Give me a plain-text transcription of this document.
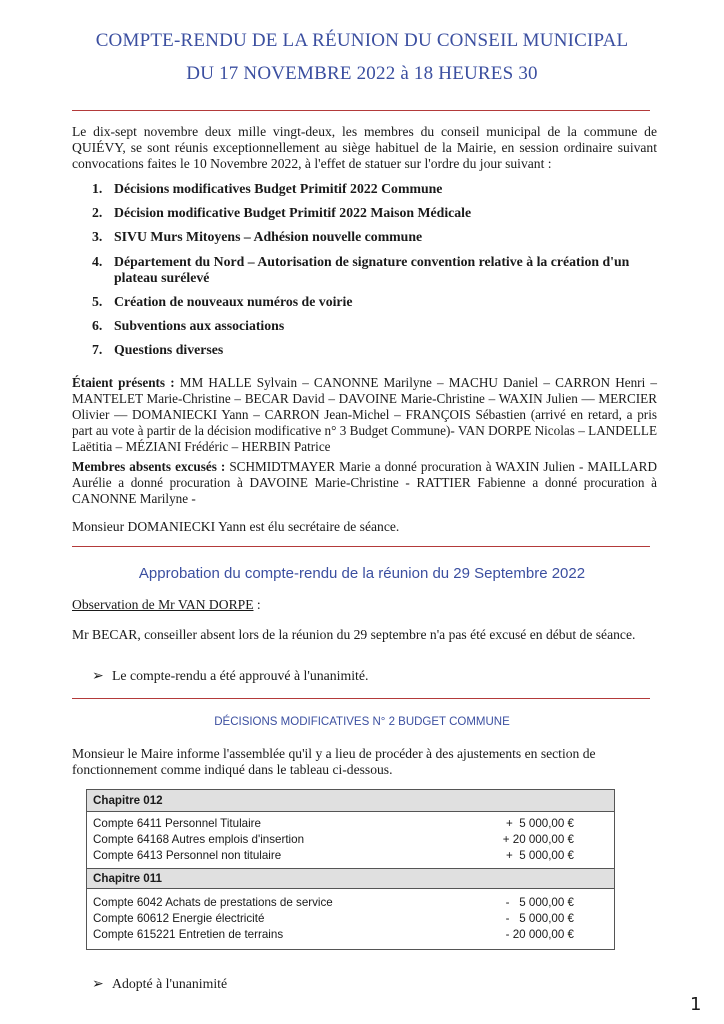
COMPTE-RENDU DE LA RÉUNION DU CONSEIL MUNICIPAL
DU 17 NOVEMBRE 2022 à 18 HEURES 30
Le dix-sept novembre deux mille vingt-deux, les membres du conseil municipal de la commune de QUIÉVY, se sont réunis exceptionnellement au siège habituel de la Mairie, en session ordinaire suivant convocations faites le 10 Novembre 2022, à l'effet de statuer sur l'ordre du jour suivant :
1. Décisions modificatives Budget Primitif 2022 Commune
2. Décision modificative Budget Primitif 2022 Maison Médicale
3. SIVU Murs Mitoyens – Adhésion nouvelle commune
4. Département du Nord – Autorisation de signature convention relative à la création d'un plateau surélevé
5. Création de nouveaux numéros de voirie
6. Subventions aux associations
7. Questions diverses
Étaient présents : MM HALLE Sylvain – CANONNE Marilyne – MACHU Daniel – CARRON Henri – MANTELET Marie-Christine – BECAR David – DAVOINE Marie-Christine – WAXIN Julien — MERCIER Olivier — DOMANIECKI Yann – CARRON Jean-Michel – FRANÇOIS Sébastien (arrivé en retard, a pris part au vote à partir de la décision modificative n° 3 Budget Commune)- VAN DORPE Nicolas – LANDELLE Laëtitia – MÉZIANI Frédéric – HERBIN Patrice
Membres absents excusés : SCHMIDTMAYER Marie a donné procuration à WAXIN Julien - MAILLARD Aurélie a donné procuration à DAVOINE Marie-Christine - RATTIER Fabienne a donné procuration à CANONNE Marilyne -
Monsieur DOMANIECKI Yann est élu secrétaire de séance.
Approbation du compte-rendu de la réunion du 29 Septembre 2022
Observation de Mr VAN DORPE :
Mr BECAR, conseiller absent lors de la réunion du 29 septembre n'a pas été excusé en début de séance.
➢ Le compte-rendu a été approuvé à l'unanimité.
DÉCISIONS MODIFICATIVES N° 2 BUDGET COMMUNE
Monsieur le Maire informe l'assemblée qu'il y a lieu de procéder à des ajustements en section de fonctionnement comme indiqué dans le tableau ci-dessous.
Chapitre 012
Compte 6411 Personnel Titulaire	+  5 000,00 €
Compte 64168 Autres emplois d'insertion	+ 20 000,00 €
Compte 6413 Personnel non titulaire	+  5 000,00 €
Chapitre 011
Compte 6042 Achats de prestations de service	-   5 000,00 €
Compte 60612 Energie électricité	-   5 000,00 €
Compte 615221 Entretien de terrains	- 20 000,00 €
➢ Adopté à l'unanimité
1
